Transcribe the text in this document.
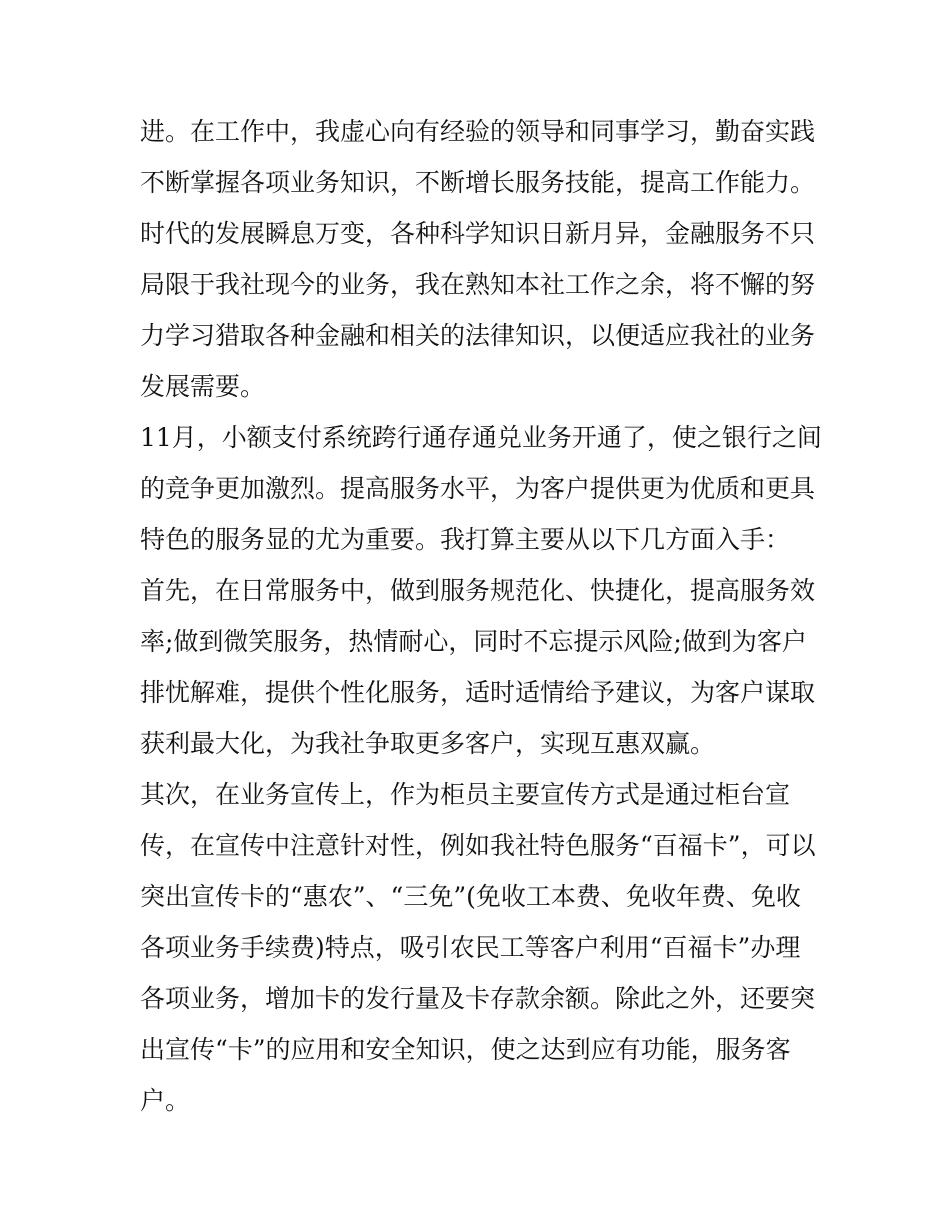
进。在工作中，我虚心向有经验的领导和同事学习，勤奋实践
不断掌握各项业务知识，不断增长服务技能，提高工作能力。
时代的发展瞬息万变，各种科学知识日新月异，金融服务不只
局限于我社现今的业务，我在熟知本社工作之余，将不懈的努
力学习猎取各种金融和相关的法律知识，以便适应我社的业务
发展需要。
11月，小额支付系统跨行通存通兑业务开通了，使之银行之间
的竞争更加激烈。提高服务水平，为客户提供更为优质和更具
特色的服务显的尤为重要。我打算主要从以下几方面入手：
首先，在日常服务中，做到服务规范化、快捷化，提高服务效
率;做到微笑服务，热情耐心，同时不忘提示风险;做到为客户
排忧解难，提供个性化服务，适时适情给予建议，为客户谋取
获利最大化，为我社争取更多客户，实现互惠双赢。
其次，在业务宣传上，作为柜员主要宣传方式是通过柜台宣
传，在宣传中注意针对性，例如我社特色服务“百福卡”，可以
突出宣传卡的“惠农”、“三免”(免收工本费、免收年费、免收
各项业务手续费)特点，吸引农民工等客户利用“百福卡”办理
各项业务，增加卡的发行量及卡存款余额。除此之外，还要突
出宣传“卡”的应用和安全知识，使之达到应有功能，服务客
户。
